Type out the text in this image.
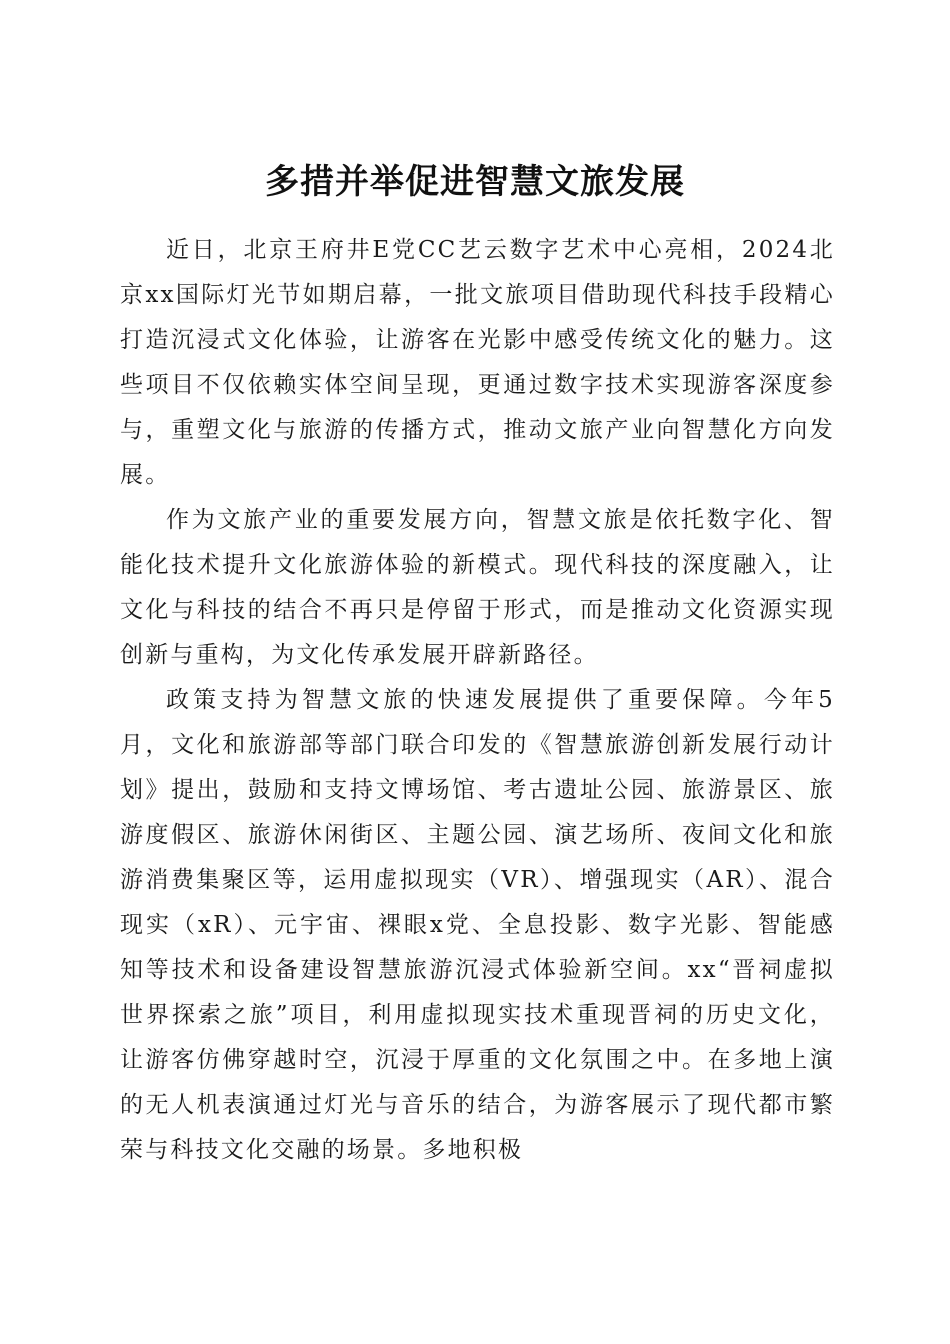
多措并举促进智慧文旅发展

近日，北京王府井E党CC艺云数字艺术中心亮相，2024北京xx国际灯光节如期启幕，一批文旅项目借助现代科技手段精心打造沉浸式文化体验，让游客在光影中感受传统文化的魅力。这些项目不仅依赖实体空间呈现，更通过数字技术实现游客深度参与，重塑文化与旅游的传播方式，推动文旅产业向智慧化方向发展。

作为文旅产业的重要发展方向，智慧文旅是依托数字化、智能化技术提升文化旅游体验的新模式。现代科技的深度融入，让文化与科技的结合不再只是停留于形式，而是推动文化资源实现创新与重构，为文化传承发展开辟新路径。

政策支持为智慧文旅的快速发展提供了重要保障。今年5月，文化和旅游部等部门联合印发的《智慧旅游创新发展行动计划》提出，鼓励和支持文博场馆、考古遗址公园、旅游景区、旅游度假区、旅游休闲街区、主题公园、演艺场所、夜间文化和旅游消费集聚区等，运用虚拟现实（VR）、增强现实（AR）、混合现实（xR）、元宇宙、裸眼x党、全息投影、数字光影、智能感知等技术和设备建设智慧旅游沉浸式体验新空间。xx“晋祠虚拟世界探索之旅”项目，利用虚拟现实技术重现晋祠的历史文化，让游客仿佛穿越时空，沉浸于厚重的文化氛围之中。在多地上演的无人机表演通过灯光与音乐的结合，为游客展示了现代都市繁荣与科技文化交融的场景。多地积极
